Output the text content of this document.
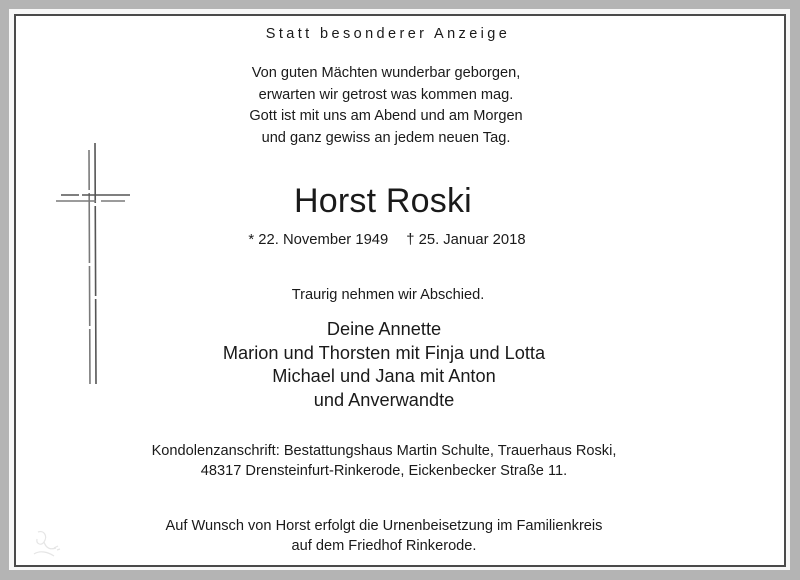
Statt besonderer Anzeige
Von guten Mächten wunderbar geborgen,
erwarten wir getrost was kommen mag.
Gott ist mit uns am Abend und am Morgen
und ganz gewiss an jedem neuen Tag.
Horst Roski
* 22. November 1949 † 25. Januar 2018
Traurig nehmen wir Abschied.
Deine Annette
Marion und Thorsten mit Finja und Lotta
Michael und Jana mit Anton
und Anverwandte
Kondolenzanschrift: Bestattungshaus Martin Schulte, Trauerhaus Roski,
48317 Drensteinfurt-Rinkerode, Eickenbecker Straße 11.
Auf Wunsch von Horst erfolgt die Urnenbeisetzung im Familienkreis
auf dem Friedhof Rinkerode.
